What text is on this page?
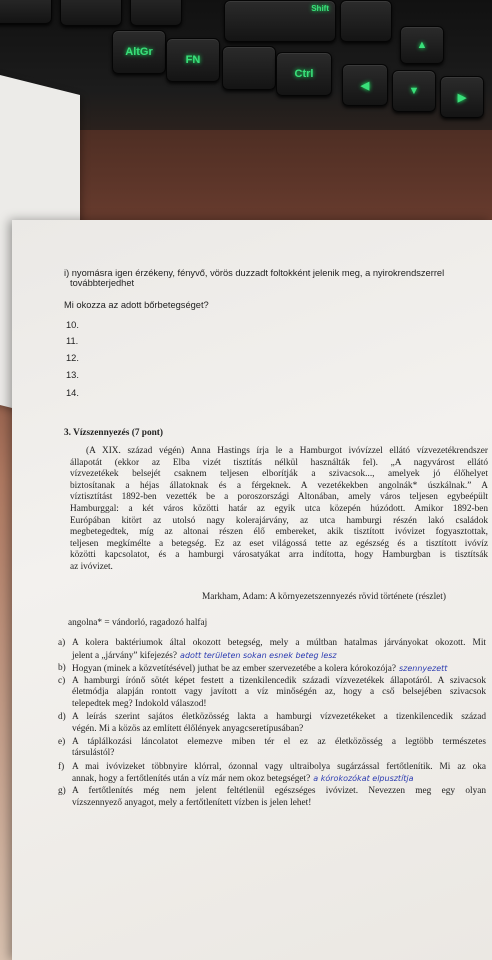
Shift
▲
AltGr
FN
Ctrl
◀	▼
▶
i) nyomásra igen érzékeny, fényvő, vörös duzzadt foltokként jelenik meg, a nyirokrendszerrel
továbbterjedhet
Mi okozza az adott bőrbetegséget?
10.
11.
12.
13.
14.
3. Vízszennyezés (7 pont)
(A XIX. század végén) Anna Hastings írja le a Hamburgot ivóvízzel ellátó vízvezetékrendszer
állapotát (ekkor az Elba vizét tisztítás nélkül használták fel). „A nagyvárost ellátó
vízvezetékek belsejét csaknem teljesen elborítják a szivacsok..., amelyek jó élőhelyet
biztosítanak a héjas állatoknak és a férgeknek. A vezetékekben angolnák* úszkálnak.” A
víztisztítást 1892-ben vezették be a poroszországi Altonában, amely város teljesen egybeépült
Hamburggal: a két város közötti határ az egyik utca közepén húzódott. Amikor 1892-ben
Európában kitört az utolsó nagy kolerajárvány, az utca hamburgi részén lakó családok
megbetegedtek, míg az altonai részen élő embereket, akik tisztított ivóvizet fogyasztottak,
teljesen megkímélte a betegség. Ez az eset világossá tette az egészség és a tisztított ivóvíz
közötti kapcsolatot, és a hamburgi városatyákat arra indította, hogy Hamburgban is tisztítsák
az ivóvizet.
Markham, Adam: A környezetszennyezés rövid története (részlet)
angolna* = vándorló, ragadozó halfaj
a) A kolera baktériumok által okozott betegség, mely a múltban hatalmas járványokat okozott. Mit
jelent a „járvány” kifejezés? adott területen sokan esnek beteg lesz
b) Hogyan (minek a közvetítésével) juthat be az ember szervezetébe a kolera kórokozója? szennyezett
c) A hamburgi írónő sötét képet festett a tizenkilencedik századi vízvezetékek állapotáról. A szivacsok
életmódja alapján rontott vagy javított a víz minőségén az, hogy a cső belsejében szivacsok
telepedtek meg? Indokold válaszod!
d) A leírás szerint sajátos életközösség lakta a hamburgi vízvezetékeket a tizenkilencedik század
végén. Mi a közös az említett élőlények anyagcseretípusában?
e) A táplálkozási láncolatot elemezve miben tér el ez az életközösség a legtöbb természetes
társulástól?
f) A mai ivóvizeket többnyire klórral, ózonnal vagy ultraibolya sugárzással fertőtlenítik. Mi az oka
annak, hogy a fertőtlenítés után a víz már nem okoz betegséget? a kórokozókat elpusztítja
g) A fertőtlenítés még nem jelent feltétlenül egészséges ivóvizet. Nevezzen meg egy olyan
vízszennyező anyagot, mely a fertőtlenített vízben is jelen lehet!
